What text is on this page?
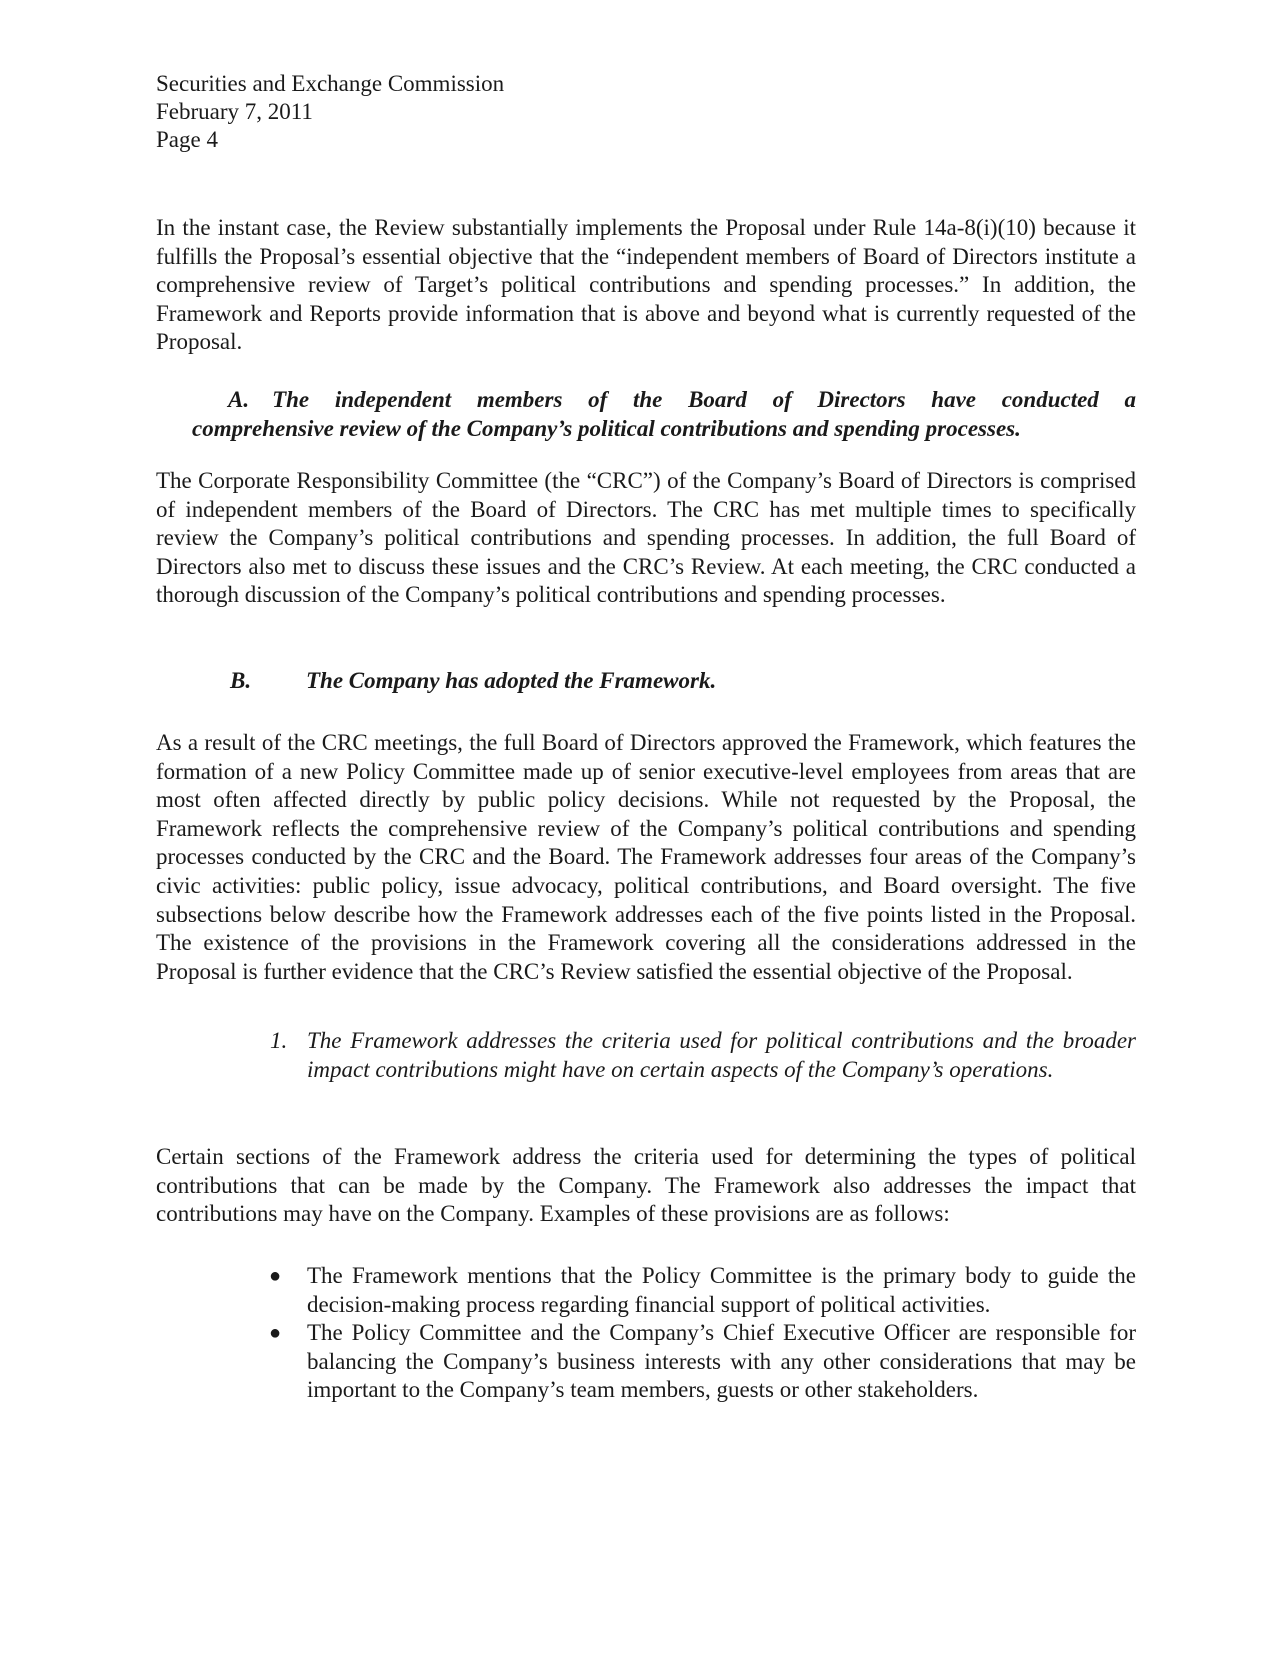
Securities and Exchange Commission
February 7, 2011
Page 4

In the instant case, the Review substantially implements the Proposal under Rule 14a-8(i)(10) because it fulfills the Proposal’s essential objective that the “independent members of Board of Directors institute a comprehensive review of Target’s political contributions and spending processes.” In addition, the Framework and Reports provide information that is above and beyond what is currently requested of the Proposal.

A.   The independent members of the Board of Directors have conducted a
comprehensive review of the Company’s political contributions and spending processes.

The Corporate Responsibility Committee (the “CRC”) of the Company’s Board of Directors is comprised of independent members of the Board of Directors. The CRC has met multiple times to specifically review the Company’s political contributions and spending processes. In addition, the full Board of Directors also met to discuss these issues and the CRC’s Review. At each meeting, the CRC conducted a thorough discussion of the Company’s political contributions and spending processes.

B. The Company has adopted the Framework.

As a result of the CRC meetings, the full Board of Directors approved the Framework, which features the formation of a new Policy Committee made up of senior executive-level employees from areas that are most often affected directly by public policy decisions. While not requested by the Proposal, the Framework reflects the comprehensive review of the Company’s political contributions and spending processes conducted by the CRC and the Board. The Framework addresses four areas of the Company’s civic activities: public policy, issue advocacy, political contributions, and Board oversight. The five subsections below describe how the Framework addresses each of the five points listed in the Proposal. The existence of the provisions in the Framework covering all the considerations addressed in the Proposal is further evidence that the CRC’s Review satisfied the essential objective of the Proposal.

1. The Framework addresses the criteria used for political contributions and the broader impact contributions might have on certain aspects of the Company’s operations.

Certain sections of the Framework address the criteria used for determining the types of political contributions that can be made by the Company. The Framework also addresses the impact that contributions may have on the Company. Examples of these provisions are as follows:

● The Framework mentions that the Policy Committee is the primary body to guide the decision-making process regarding financial support of political activities.
● The Policy Committee and the Company’s Chief Executive Officer are responsible for balancing the Company’s business interests with any other considerations that may be important to the Company’s team members, guests or other stakeholders.
